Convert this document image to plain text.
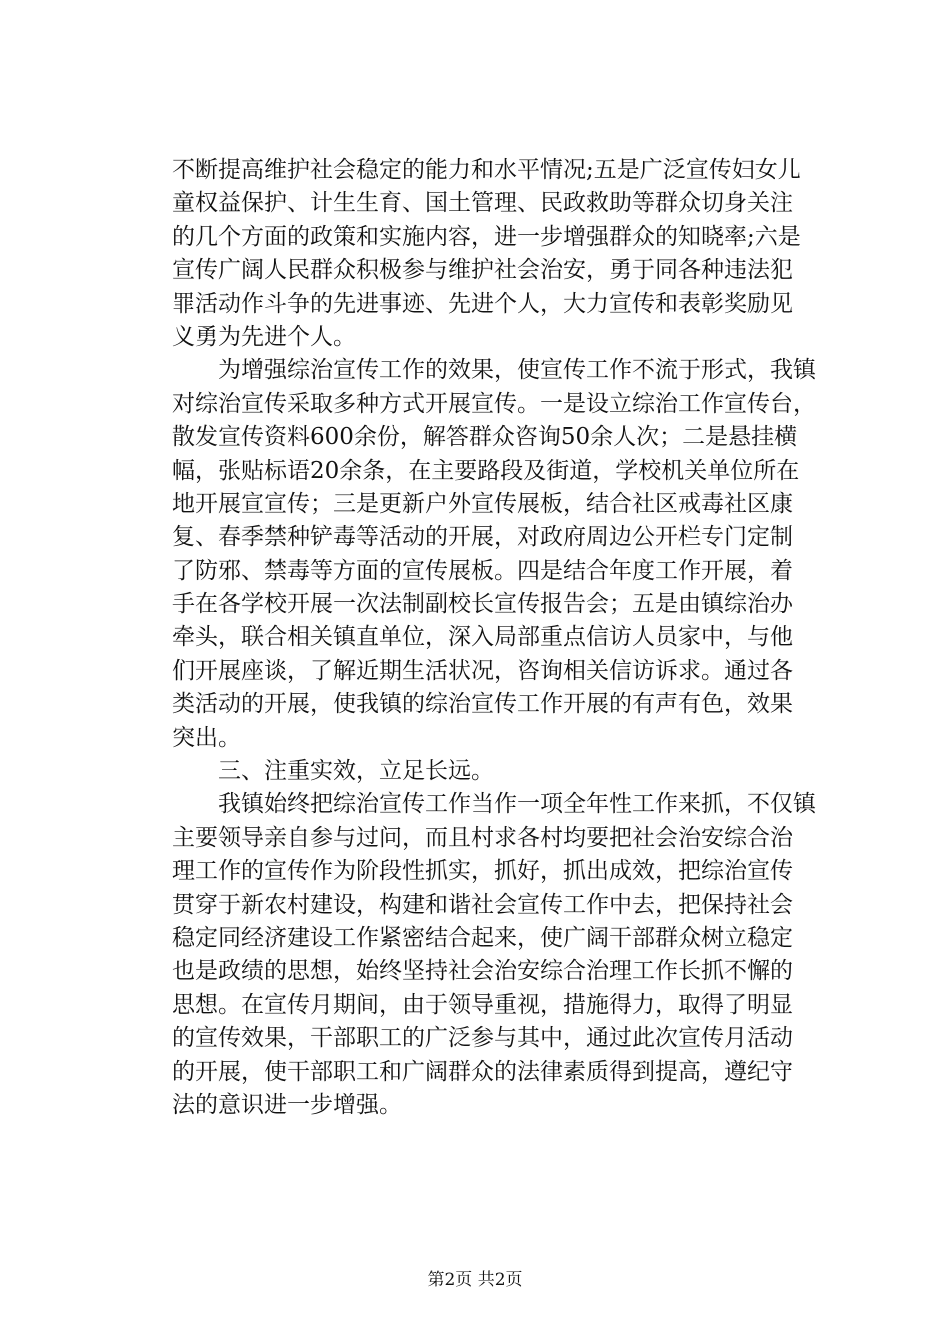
不断提高维护社会稳定的能力和水平情况;五是广泛宣传妇女儿
童权益保护、计生生育、国土管理、民政救助等群众切身关注
的几个方面的政策和实施内容，进一步增强群众的知晓率;六是
宣传广阔人民群众积极参与维护社会治安，勇于同各种违法犯
罪活动作斗争的先进事迹、先进个人，大力宣传和表彰奖励见
义勇为先进个人。
为增强综治宣传工作的效果，使宣传工作不流于形式，我镇
对综治宣传采取多种方式开展宣传。一是设立综治工作宣传台，
散发宣传资料600余份，解答群众咨询50余人次；二是悬挂横
幅，张贴标语20余条，在主要路段及街道，学校机关单位所在
地开展宣宣传；三是更新户外宣传展板，结合社区戒毒社区康
复、春季禁种铲毒等活动的开展，对政府周边公开栏专门定制
了防邪、禁毒等方面的宣传展板。四是结合年度工作开展，着
手在各学校开展一次法制副校长宣传报告会；五是由镇综治办
牵头，联合相关镇直单位，深入局部重点信访人员家中，与他
们开展座谈，了解近期生活状况，咨询相关信访诉求。通过各
类活动的开展，使我镇的综治宣传工作开展的有声有色，效果
突出。
三、注重实效，立足长远。
我镇始终把综治宣传工作当作一项全年性工作来抓，不仅镇
主要领导亲自参与过问，而且村求各村均要把社会治安综合治
理工作的宣传作为阶段性抓实，抓好，抓出成效，把综治宣传
贯穿于新农村建设，构建和谐社会宣传工作中去，把保持社会
稳定同经济建设工作紧密结合起来，使广阔干部群众树立稳定
也是政绩的思想，始终坚持社会治安综合治理工作长抓不懈的
思想。在宣传月期间，由于领导重视，措施得力，取得了明显
的宣传效果，干部职工的广泛参与其中，通过此次宣传月活动
的开展，使干部职工和广阔群众的法律素质得到提高，遵纪守
法的意识进一步增强。
第2页 共2页
